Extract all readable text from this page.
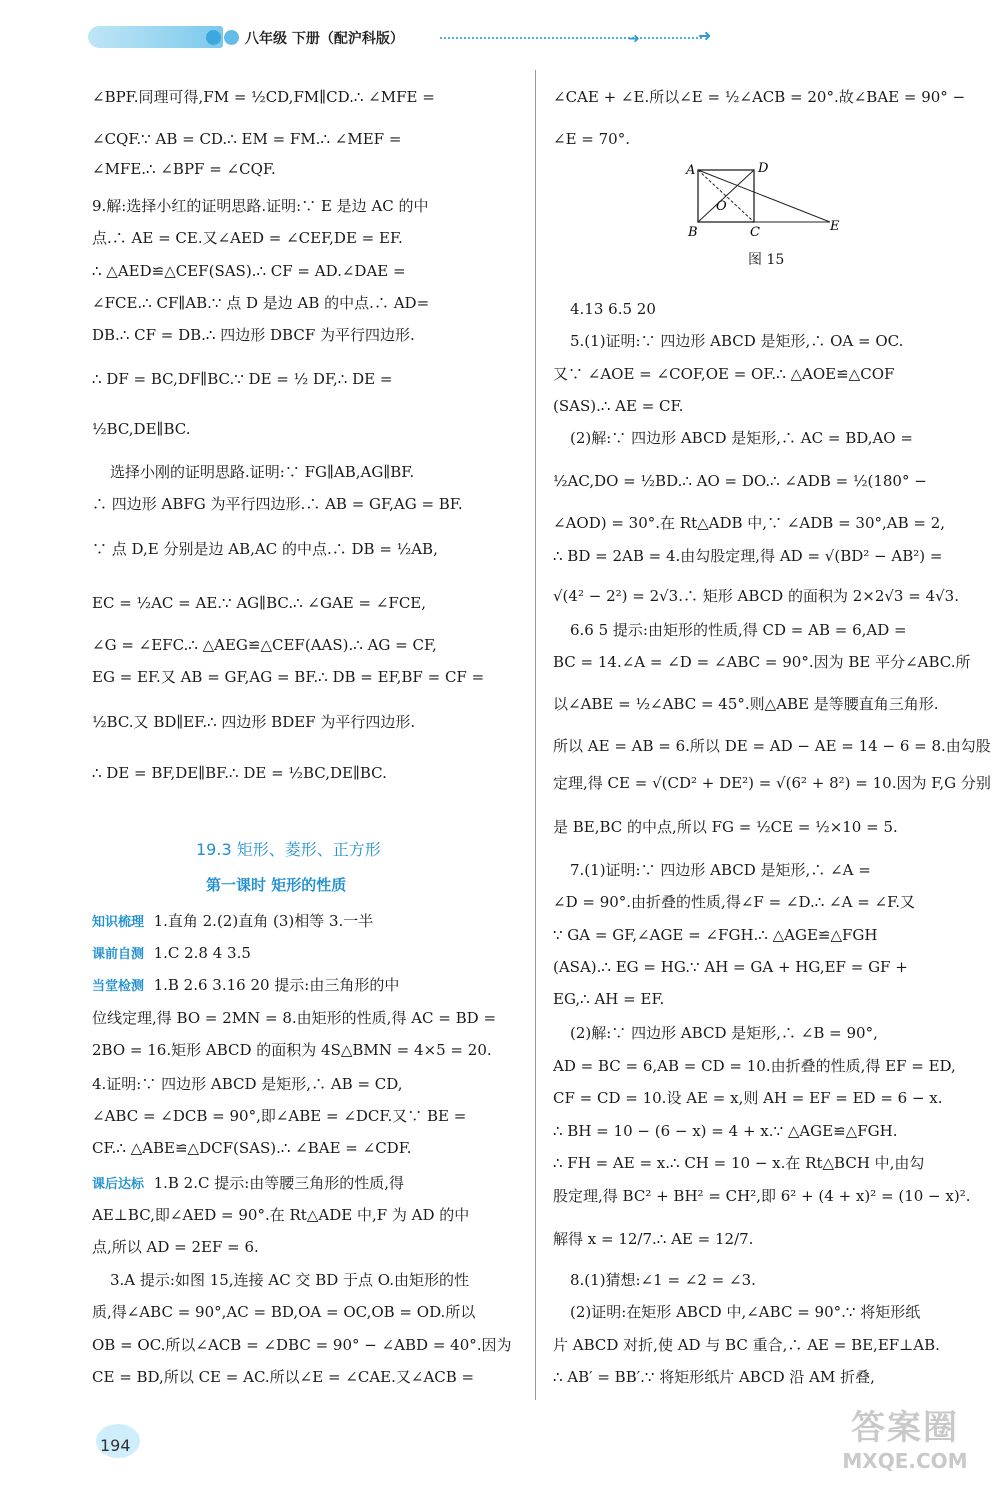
八年级 下册（配沪科版）	➜	➜
∠BPF.同理可得,FM = ½CD,FM∥CD.∴ ∠MFE =
∠CQF.∵ AB = CD.∴ EM = FM.∴ ∠MEF =
∠MFE.∴ ∠BPF = ∠CQF.
9.解:选择小红的证明思路.证明:∵ E 是边 AC 的中
点.∴ AE = CE.又∠AED = ∠CEF,DE = EF.
∴ △AED≌△CEF(SAS).∴ CF = AD.∠DAE =
∠FCE.∴ CF∥AB.∵ 点 D 是边 AB 的中点.∴ AD=
DB.∴ CF = DB.∴ 四边形 DBCF 为平行四边形.
∴ DF = BC,DF∥BC.∵ DE = ½ DF,∴ DE =
½BC,DE∥BC.
选择小刚的证明思路.证明:∵ FG∥AB,AG∥BF.
∴ 四边形 ABFG 为平行四边形.∴ AB = GF,AG = BF.
∵ 点 D,E 分别是边 AB,AC 的中点.∴ DB = ½AB,
EC = ½AC = AE.∵ AG∥BC.∴ ∠GAE = ∠FCE,
∠G = ∠EFC.∴ △AEG≌△CEF(AAS).∴ AG = CF,
EG = EF.又 AB = GF,AG = BF.∴ DB = EF,BF = CF =
½BC.又 BD∥EF.∴ 四边形 BDEF 为平行四边形.
∴ DE = BF,DE∥BF.∴ DE = ½BC,DE∥BC.
19.3 矩形、菱形、正方形
第一课时 矩形的性质
知识梳理 1.直角 2.(2)直角 (3)相等 3.一半
课前自测 1.C 2.8 4 3.5
当堂检测 1.B 2.6 3.16 20 提示:由三角形的中
位线定理,得 BO = 2MN = 8.由矩形的性质,得 AC = BD =
2BO = 16.矩形 ABCD 的面积为 4S△BMN = 4×5 = 20.
4.证明:∵ 四边形 ABCD 是矩形,∴ AB = CD,
∠ABC = ∠DCB = 90°,即∠ABE = ∠DCF.又∵ BE =
CF.∴ △ABE≌△DCF(SAS).∴ ∠BAE = ∠CDF.
课后达标 1.B 2.C 提示:由等腰三角形的性质,得
AE⊥BC,即∠AED = 90°.在 Rt△ADE 中,F 为 AD 的中
点,所以 AD = 2EF = 6.
3.A 提示:如图 15,连接 AC 交 BD 于点 O.由矩形的性
质,得∠ABC = 90°,AC = BD,OA = OC,OB = OD.所以
OB = OC.所以∠ACB = ∠DBC = 90° − ∠ABD = 40°.因为
CE = BD,所以 CE = AC.所以∠E = ∠CAE.又∠ACB =
∠CAE + ∠E.所以∠E = ½∠ACB = 20°.故∠BAE = 90° −
∠E = 70°.
A	D
B	C	E
O
图 15
4.13 6.5 20
5.(1)证明:∵ 四边形 ABCD 是矩形,∴ OA = OC.
又∵ ∠AOE = ∠COF,OE = OF.∴ △AOE≌△COF
(SAS).∴ AE = CF.
(2)解:∵ 四边形 ABCD 是矩形,∴ AC = BD,AO =
½AC,DO = ½BD.∴ AO = DO.∴ ∠ADB = ½(180° −
∠AOD) = 30°.在 Rt△ADB 中,∵ ∠ADB = 30°,AB = 2,
∴ BD = 2AB = 4.由勾股定理,得 AD = √(BD² − AB²) =
√(4² − 2²) = 2√3.∴ 矩形 ABCD 的面积为 2×2√3 = 4√3.
6.6 5 提示:由矩形的性质,得 CD = AB = 6,AD =
BC = 14.∠A = ∠D = ∠ABC = 90°.因为 BE 平分∠ABC.所
以∠ABE = ½∠ABC = 45°.则△ABE 是等腰直角三角形.
所以 AE = AB = 6.所以 DE = AD − AE = 14 − 6 = 8.由勾股
定理,得 CE = √(CD² + DE²) = √(6² + 8²) = 10.因为 F,G 分别
是 BE,BC 的中点,所以 FG = ½CE = ½×10 = 5.
7.(1)证明:∵ 四边形 ABCD 是矩形,∴ ∠A =
∠D = 90°.由折叠的性质,得∠F = ∠D.∴ ∠A = ∠F.又
∵ GA = GF,∠AGE = ∠FGH.∴ △AGE≌△FGH
(ASA).∴ EG = HG.∵ AH = GA + HG,EF = GF +
EG,∴ AH = EF.
(2)解:∵ 四边形 ABCD 是矩形,∴ ∠B = 90°,
AD = BC = 6,AB = CD = 10.由折叠的性质,得 EF = ED,
CF = CD = 10.设 AE = x,则 AH = EF = ED = 6 − x.
∴ BH = 10 − (6 − x) = 4 + x.∵ △AGE≌△FGH.
∴ FH = AE = x.∴ CH = 10 − x.在 Rt△BCH 中,由勾
股定理,得 BC² + BH² = CH²,即 6² + (4 + x)² = (10 − x)².
解得 x = 12/7.∴ AE = 12/7.
8.(1)猜想:∠1 = ∠2 = ∠3.
(2)证明:在矩形 ABCD 中,∠ABC = 90°.∵ 将矩形纸
片 ABCD 对折,使 AD 与 BC 重合,∴ AE = BE,EF⊥AB.
∴ AB′ = BB′.∵ 将矩形纸片 ABCD 沿 AM 折叠,
194	答案圈
MXQE.COM
